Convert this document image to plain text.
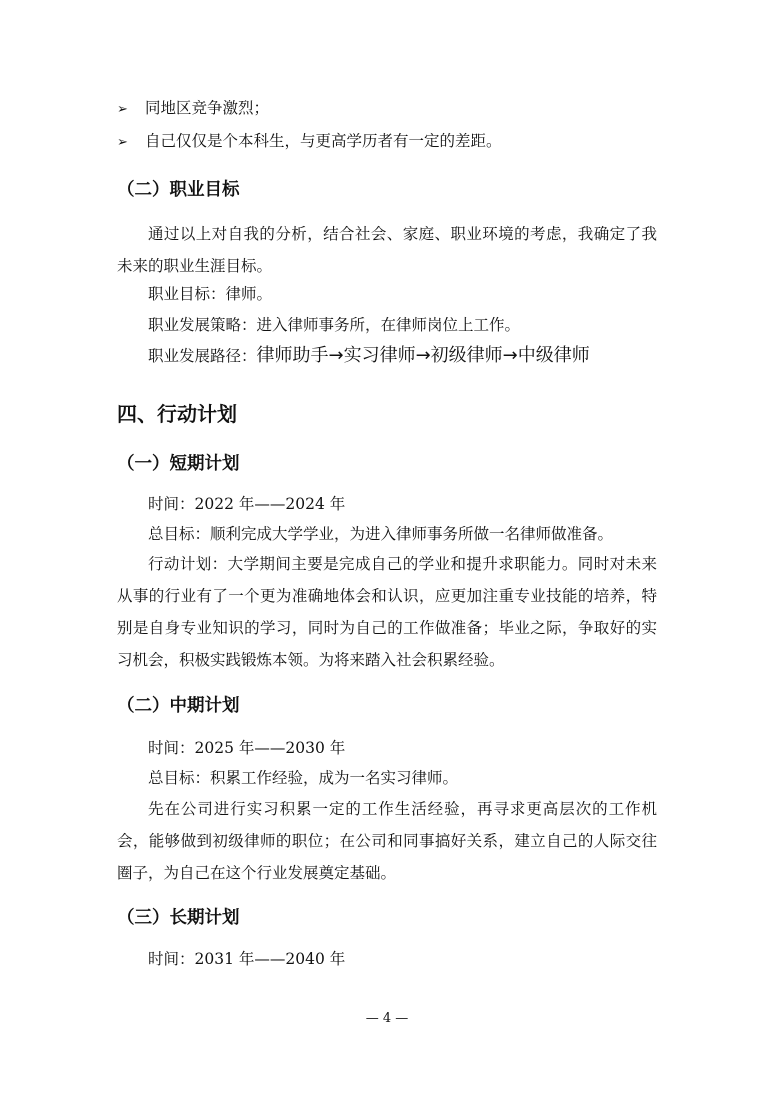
➢ 同地区竞争激烈；
➢ 自己仅仅是个本科生，与更高学历者有一定的差距。
（二）职业目标
通过以上对自我的分析，结合社会、家庭、职业环境的考虑，我确定了我未来的职业生涯目标。
职业目标：律师。
职业发展策略：进入律师事务所，在律师岗位上工作。
职业发展路径：律师助手→实习律师→初级律师→中级律师
四、行动计划
（一）短期计划
时间：2022 年——2024 年
总目标：顺利完成大学学业，为进入律师事务所做一名律师做准备。
行动计划：大学期间主要是完成自己的学业和提升求职能力。同时对未来从事的行业有了一个更为准确地体会和认识，应更加注重专业技能的培养，特别是自身专业知识的学习，同时为自己的工作做准备；毕业之际，争取好的实习机会，积极实践锻炼本领。为将来踏入社会积累经验。
（二）中期计划
时间：2025 年——2030 年
总目标：积累工作经验，成为一名实习律师。
先在公司进行实习积累一定的工作生活经验，再寻求更高层次的工作机会，能够做到初级律师的职位；在公司和同事搞好关系，建立自己的人际交往圈子，为自己在这个行业发展奠定基础。
（三）长期计划
时间：2031 年——2040 年
— 4 —
